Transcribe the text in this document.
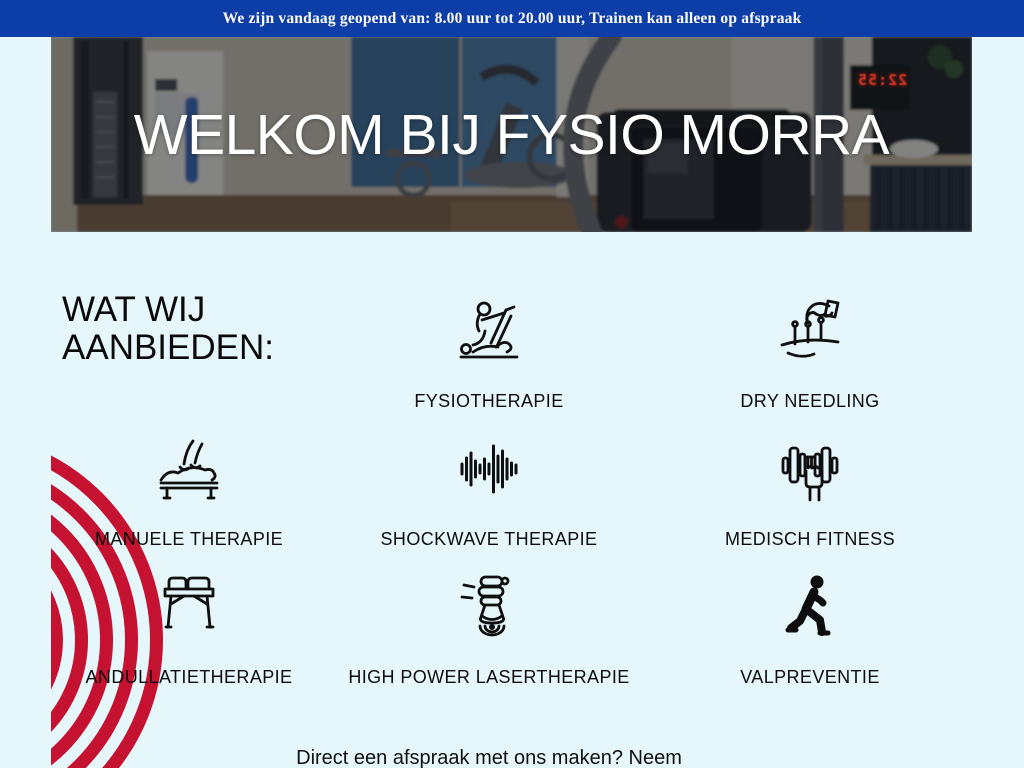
We zijn vandaag geopend van: 8.00 uur tot 20.00 uur, Trainen kan alleen op afspraak
22:55
WELKOM BIJ FYSIO MORRA
WAT WIJ AANBIEDEN:
FYSIOTHERAPIE	DRY NEEDLING
MANUELE THERAPIE	SHOCKWAVE THERAPIE	MEDISCH FITNESS
ANDULLATIETHERAPIE	HIGH POWER LASERTHERAPIE	VALPREVENTIE

Direct een afspraak met ons maken? Neem
